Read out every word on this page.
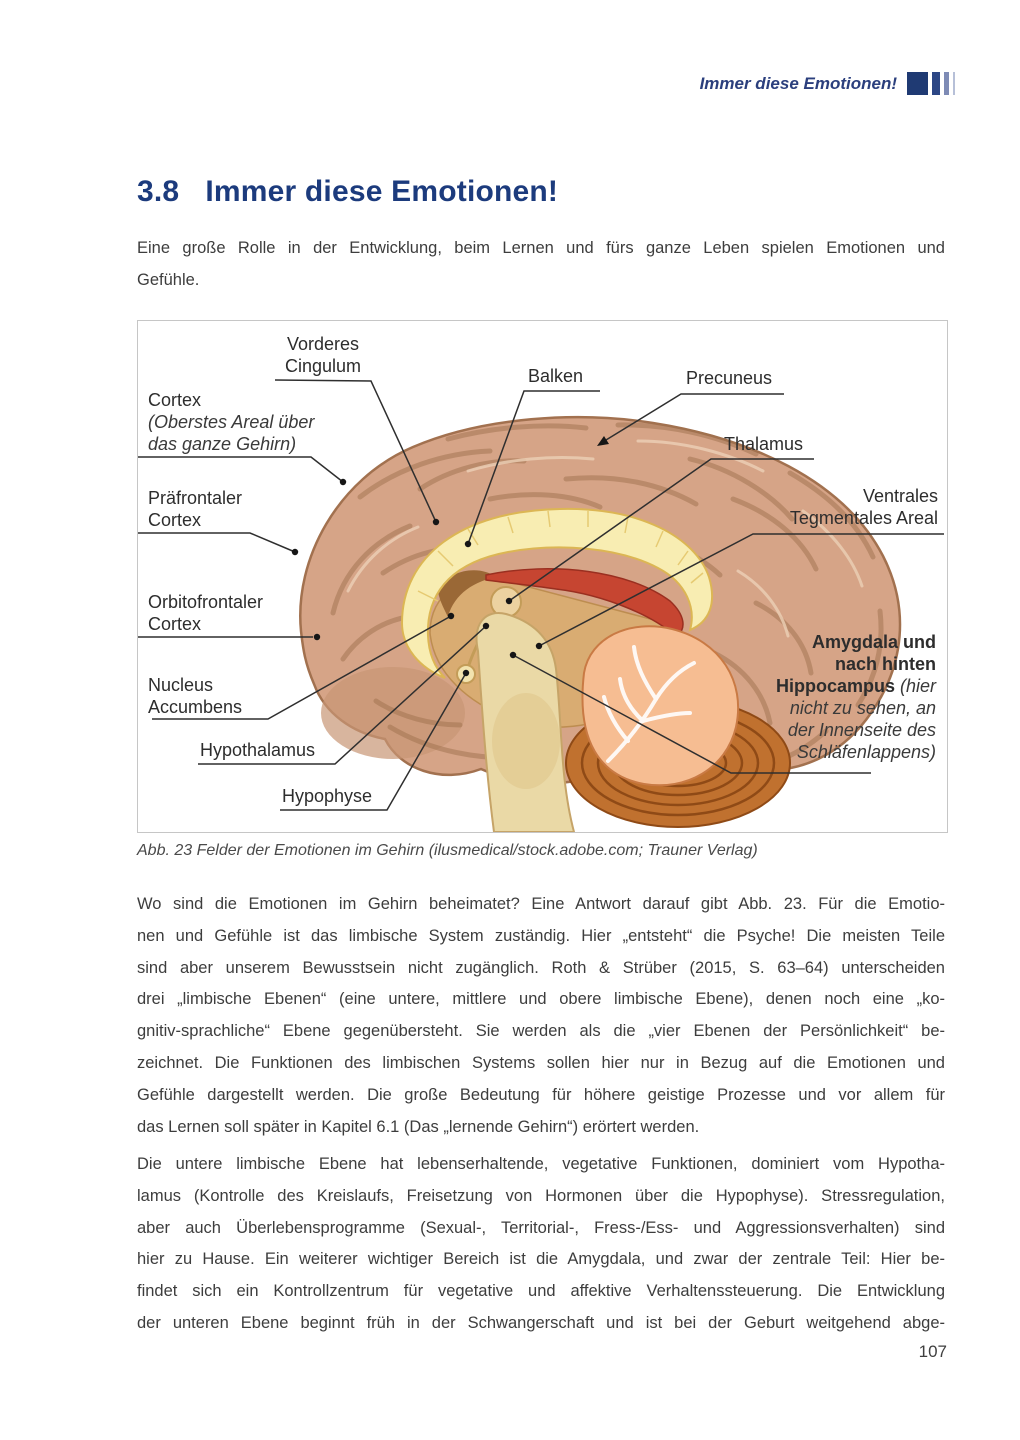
Immer diese Emotionen!
3.8 Immer diese Emotionen!
Eine große Rolle in der Entwicklung, beim Lernen und fürs ganze Leben spielen Emotionen und
Gefühle.
Vorderes
Cingulum
Cortex
(Oberstes Areal über
das ganze Gehirn)
Präfrontaler
Cortex
Orbitofrontaler
Cortex
Nucleus
Accumbens
Hypothalamus
Hypophyse
Balken	Precuneus
Thalamus
Ventrales
Tegmentales Areal
Amygdala und
nach hinten
Hippocampus (hier
nicht zu sehen, an
der Innenseite des
Schläfenlappens)
Abb. 23 Felder der Emotionen im Gehirn (ilusmedical/stock.adobe.com; Trauner Verlag)
Wo sind die Emotionen im Gehirn beheimatet? Eine Antwort darauf gibt Abb. 23. Für die Emotio-
nen und Gefühle ist das limbische System zuständig. Hier „entsteht“ die Psyche! Die meisten Teile
sind aber unserem Bewusstsein nicht zugänglich. Roth & Strüber (2015, S. 63–64) unterscheiden
drei „limbische Ebenen“ (eine untere, mittlere und obere limbische Ebene), denen noch eine „ko-
gnitiv-sprachliche“ Ebene gegenübersteht. Sie werden als die „vier Ebenen der Persönlichkeit“ be-
zeichnet. Die Funktionen des limbischen Systems sollen hier nur in Bezug auf die Emotionen und
Gefühle dargestellt werden. Die große Bedeutung für höhere geistige Prozesse und vor allem für
das Lernen soll später in Kapitel 6.1 (Das „lernende Gehirn“) erörtert werden.
Die untere limbische Ebene hat lebenserhaltende, vegetative Funktionen, dominiert vom Hypotha-
lamus (Kontrolle des Kreislaufs, Freisetzung von Hormonen über die Hypophyse). Stressregulation,
aber auch Überlebensprogramme (Sexual-, Territorial-, Fress-/Ess- und Aggressionsverhalten) sind
hier zu Hause. Ein weiterer wichtiger Bereich ist die Amygdala, und zwar der zentrale Teil: Hier be-
findet sich ein Kontrollzentrum für vegetative und affektive Verhaltenssteuerung. Die Entwicklung
der unteren Ebene beginnt früh in der Schwangerschaft und ist bei der Geburt weitgehend abge-
107
